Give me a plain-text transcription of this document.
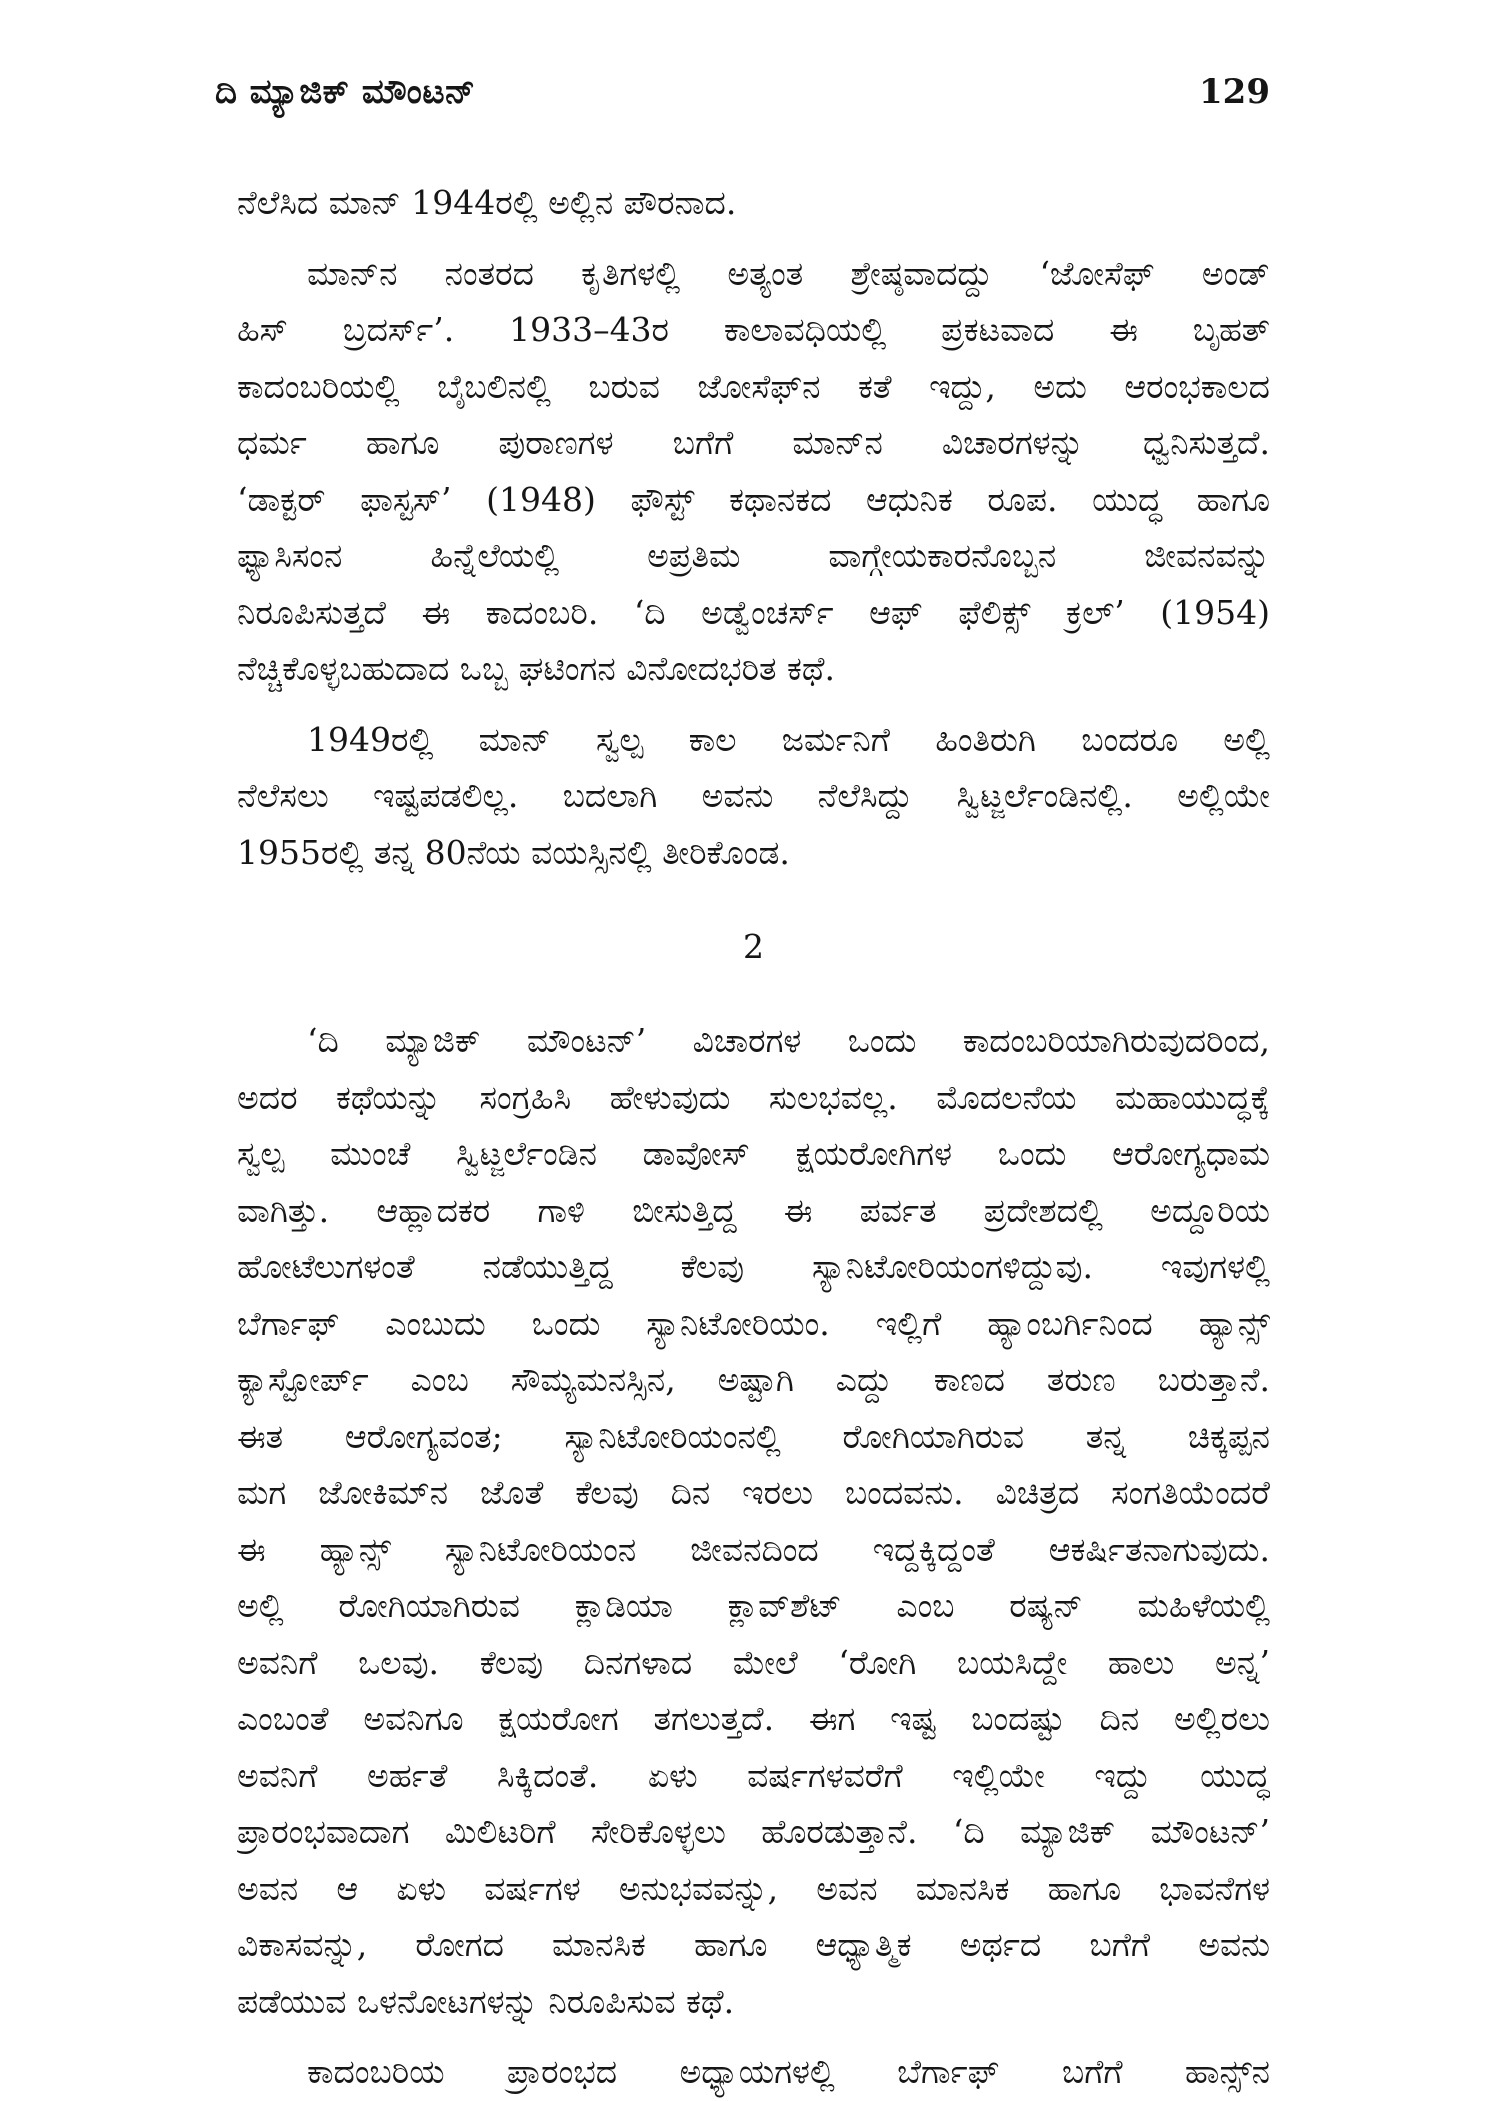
ದಿ ಮ್ಯಾಜಿಕ್ ಮೌಂಟನ್	129
ನೆಲೆಸಿದ ಮಾನ್ 1944ರಲ್ಲಿ ಅಲ್ಲಿನ ಪೌರನಾದ.
ಮಾನ್‌ನ ನಂತರದ ಕೃತಿಗಳಲ್ಲಿ ಅತ್ಯಂತ ಶ್ರೇಷ್ಠವಾದದ್ದು ‘ಜೋಸೆಫ್ ಅಂಡ್
ಹಿಸ್ ಬ್ರದರ್ಸ್’. 1933–43ರ ಕಾಲಾವಧಿಯಲ್ಲಿ ಪ್ರಕಟವಾದ ಈ ಬೃಹತ್
ಕಾದಂಬರಿಯಲ್ಲಿ ಬೈಬಲಿನಲ್ಲಿ ಬರುವ ಜೋಸೆಫ್‌ನ ಕತೆ ಇದ್ದು, ಅದು ಆರಂಭಕಾಲದ
ಧರ್ಮ ಹಾಗೂ ಪುರಾಣಗಳ ಬಗೆಗೆ ಮಾನ್‌ನ ವಿಚಾರಗಳನ್ನು ಧ್ವನಿಸುತ್ತದೆ.
‘ಡಾಕ್ಟರ್ ಫಾಸ್ಟಸ್’ (1948) ಫೌಸ್ಟ್ ಕಥಾನಕದ ಆಧುನಿಕ ರೂಪ. ಯುದ್ಧ ಹಾಗೂ
ಫ್ಯಾಸಿಸಂನ ಹಿನ್ನೆಲೆಯಲ್ಲಿ ಅಪ್ರತಿಮ ವಾಗ್ಗೇಯಕಾರನೊಬ್ಬನ ಜೀವನವನ್ನು
ನಿರೂಪಿಸುತ್ತದೆ ಈ ಕಾದಂಬರಿ. ‘ದಿ ಅಡ್ವೆಂಚರ್ಸ್ ಆಫ್ ಫೆಲಿಕ್ಸ್ ಕ್ರಲ್’ (1954)
ನೆಚ್ಚಿಕೊಳ್ಳಬಹುದಾದ ಒಬ್ಬ ಘಟಿಂಗನ ವಿನೋದಭರಿತ ಕಥೆ.
1949ರಲ್ಲಿ ಮಾನ್ ಸ್ವಲ್ಪ ಕಾಲ ಜರ್ಮನಿಗೆ ಹಿಂತಿರುಗಿ ಬಂದರೂ ಅಲ್ಲಿ
ನೆಲೆಸಲು ಇಷ್ಟಪಡಲಿಲ್ಲ. ಬದಲಾಗಿ ಅವನು ನೆಲೆಸಿದ್ದು ಸ್ವಿಟ್ಜರ್ಲೆಂಡಿನಲ್ಲಿ. ಅಲ್ಲಿಯೇ
1955ರಲ್ಲಿ ತನ್ನ 80ನೆಯ ವಯಸ್ಸಿನಲ್ಲಿ ತೀರಿಕೊಂಡ.
2
‘ದಿ ಮ್ಯಾಜಿಕ್ ಮೌಂಟನ್’ ವಿಚಾರಗಳ ಒಂದು ಕಾದಂಬರಿಯಾಗಿರುವುದರಿಂದ,
ಅದರ ಕಥೆಯನ್ನು ಸಂಗ್ರಹಿಸಿ ಹೇಳುವುದು ಸುಲಭವಲ್ಲ. ಮೊದಲನೆಯ ಮಹಾಯುದ್ಧಕ್ಕೆ
ಸ್ವಲ್ಪ ಮುಂಚೆ ಸ್ವಿಟ್ಜರ್ಲೆಂಡಿನ ಡಾವೋಸ್ ಕ್ಷಯರೋಗಿಗಳ ಒಂದು ಆರೋಗ್ಯಧಾಮ
ವಾಗಿತ್ತು. ಆಹ್ಲಾದಕರ ಗಾಳಿ ಬೀಸುತ್ತಿದ್ದ ಈ ಪರ್ವತ ಪ್ರದೇಶದಲ್ಲಿ ಅದ್ದೂರಿಯ
ಹೋಟೆಲುಗಳಂತೆ ನಡೆಯುತ್ತಿದ್ದ ಕೆಲವು ಸ್ಯಾನಿಟೋರಿಯಂಗಳಿದ್ದುವು. ಇವುಗಳಲ್ಲಿ
ಬೆರ್ಗಾಫ್ ಎಂಬುದು ಒಂದು ಸ್ಯಾನಿಟೋರಿಯಂ. ಇಲ್ಲಿಗೆ ಹ್ಯಾಂಬರ್ಗಿನಿಂದ ಹ್ಯಾನ್ಸ್
ಕ್ಯಾಸ್ಟೋರ್ಪ್ ಎಂಬ ಸೌಮ್ಯಮನಸ್ಸಿನ, ಅಷ್ಟಾಗಿ ಎದ್ದು ಕಾಣದ ತರುಣ ಬರುತ್ತಾನೆ.
ಈತ ಆರೋಗ್ಯವಂತ; ಸ್ಯಾನಿಟೋರಿಯಂನಲ್ಲಿ ರೋಗಿಯಾಗಿರುವ ತನ್ನ ಚಿಕ್ಕಪ್ಪನ
ಮಗ ಜೋಕಿಮ್‌ನ ಜೊತೆ ಕೆಲವು ದಿನ ಇರಲು ಬಂದವನು. ವಿಚಿತ್ರದ ಸಂಗತಿಯೆಂದರೆ
ಈ ಹ್ಯಾನ್ಸ್ ಸ್ಯಾನಿಟೋರಿಯಂನ ಜೀವನದಿಂದ ಇದ್ದಕ್ಕಿದ್ದಂತೆ ಆಕರ್ಷಿತನಾಗುವುದು.
ಅಲ್ಲಿ ರೋಗಿಯಾಗಿರುವ ಕ್ಲಾಡಿಯಾ ಕ್ಲಾವ್‌ಶೆಟ್ ಎಂಬ ರಷ್ಯನ್ ಮಹಿಳೆಯಲ್ಲಿ
ಅವನಿಗೆ ಒಲವು. ಕೆಲವು ದಿನಗಳಾದ ಮೇಲೆ ‘ರೋಗಿ ಬಯಸಿದ್ದೇ ಹಾಲು ಅನ್ನ’
ಎಂಬಂತೆ ಅವನಿಗೂ ಕ್ಷಯರೋಗ ತಗಲುತ್ತದೆ. ಈಗ ಇಷ್ಟ ಬಂದಷ್ಟು ದಿನ ಅಲ್ಲಿರಲು
ಅವನಿಗೆ ಅರ್ಹತೆ ಸಿಕ್ಕಿದಂತೆ. ಏಳು ವರ್ಷಗಳವರೆಗೆ ಇಲ್ಲಿಯೇ ಇದ್ದು ಯುದ್ಧ
ಪ್ರಾರಂಭವಾದಾಗ ಮಿಲಿಟರಿಗೆ ಸೇರಿಕೊಳ್ಳಲು ಹೊರಡುತ್ತಾನೆ. ‘ದಿ ಮ್ಯಾಜಿಕ್ ಮೌಂಟನ್’
ಅವನ ಆ ಏಳು ವರ್ಷಗಳ ಅನುಭವವನ್ನು, ಅವನ ಮಾನಸಿಕ ಹಾಗೂ ಭಾವನೆಗಳ
ವಿಕಾಸವನ್ನು, ರೋಗದ ಮಾನಸಿಕ ಹಾಗೂ ಆಧ್ಯಾತ್ಮಿಕ ಅರ್ಥದ ಬಗೆಗೆ ಅವನು
ಪಡೆಯುವ ಒಳನೋಟಗಳನ್ನು ನಿರೂಪಿಸುವ ಕಥೆ.
ಕಾದಂಬರಿಯ ಪ್ರಾರಂಭದ ಅಧ್ಯಾಯಗಳಲ್ಲಿ ಬೆರ್ಗಾಫ್ ಬಗೆಗೆ ಹಾನ್ಸ್‌ನ
